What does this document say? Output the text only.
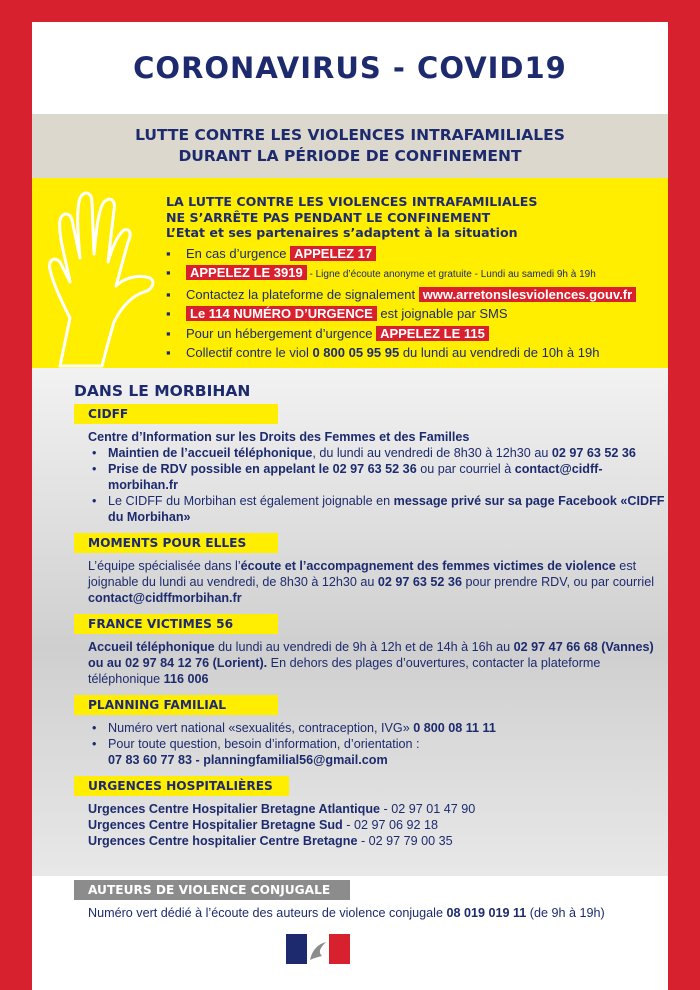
CORONAVIRUS - COVID19
LUTTE CONTRE LES VIOLENCES INTRAFAMILIALES
DURANT LA PÉRIODE DE CONFINEMENT
LA LUTTE CONTRE LES VIOLENCES INTRAFAMILIALES
NE S’ARRÊTE PAS PENDANT LE CONFINEMENT
L’Etat et ses partenaires s’adaptent à la situation
▪ En cas d’urgence APPELEZ 17
▪ APPELEZ LE 3919 - Ligne d’écoute anonyme et gratuite - Lundi au samedi 9h à 19h
▪ Contactez la plateforme de signalement www.arretonslesviolences.gouv.fr
▪ Le 114 NUMÉRO D’URGENCE est joignable par SMS
▪ Pour un hébergement d’urgence APPELEZ LE 115
▪ Collectif contre le viol 0 800 05 95 95 du lundi au vendredi de 10h à 19h
DANS LE MORBIHAN
CIDFF
Centre d’Information sur les Droits des Femmes et des Familles
• Maintien de l’accueil téléphonique, du lundi au vendredi de 8h30 à 12h30 au 02 97 63 52 36
• Prise de RDV possible en appelant le 02 97 63 52 36 ou par courriel à contact@cidff-morbihan.fr
• Le CIDFF du Morbihan est également joignable en message privé sur sa page Facebook «CIDFF du Morbihan»
MOMENTS POUR ELLES
L’équipe spécialisée dans l’écoute et l’accompagnement des femmes victimes de violence est joignable du lundi au vendredi, de 8h30 à 12h30 au 02 97 63 52 36 pour prendre RDV, ou par courriel contact@cidffmorbihan.fr
FRANCE VICTIMES 56
Accueil téléphonique du lundi au vendredi de 9h à 12h et de 14h à 16h au 02 97 47 66 68 (Vannes) ou au 02 97 84 12 76 (Lorient). En dehors des plages d’ouvertures, contacter la plateforme téléphonique 116 006
PLANNING FAMILIAL
• Numéro vert national «sexualités, contraception, IVG» 0 800 08 11 11
• Pour toute question, besoin d’information, d’orientation :
07 83 60 77 83 - planningfamilial56@gmail.com
URGENCES HOSPITALIÈRES
Urgences Centre Hospitalier Bretagne Atlantique - 02 97 01 47 90
Urgences Centre Hospitalier Bretagne Sud - 02 97 06 92 18
Urgences Centre hospitalier Centre Bretagne - 02 97 79 00 35
AUTEURS DE VIOLENCE CONJUGALE
Numéro vert dédié à l’écoute des auteurs de violence conjugale 08 019 019 11 (de 9h à 19h)
